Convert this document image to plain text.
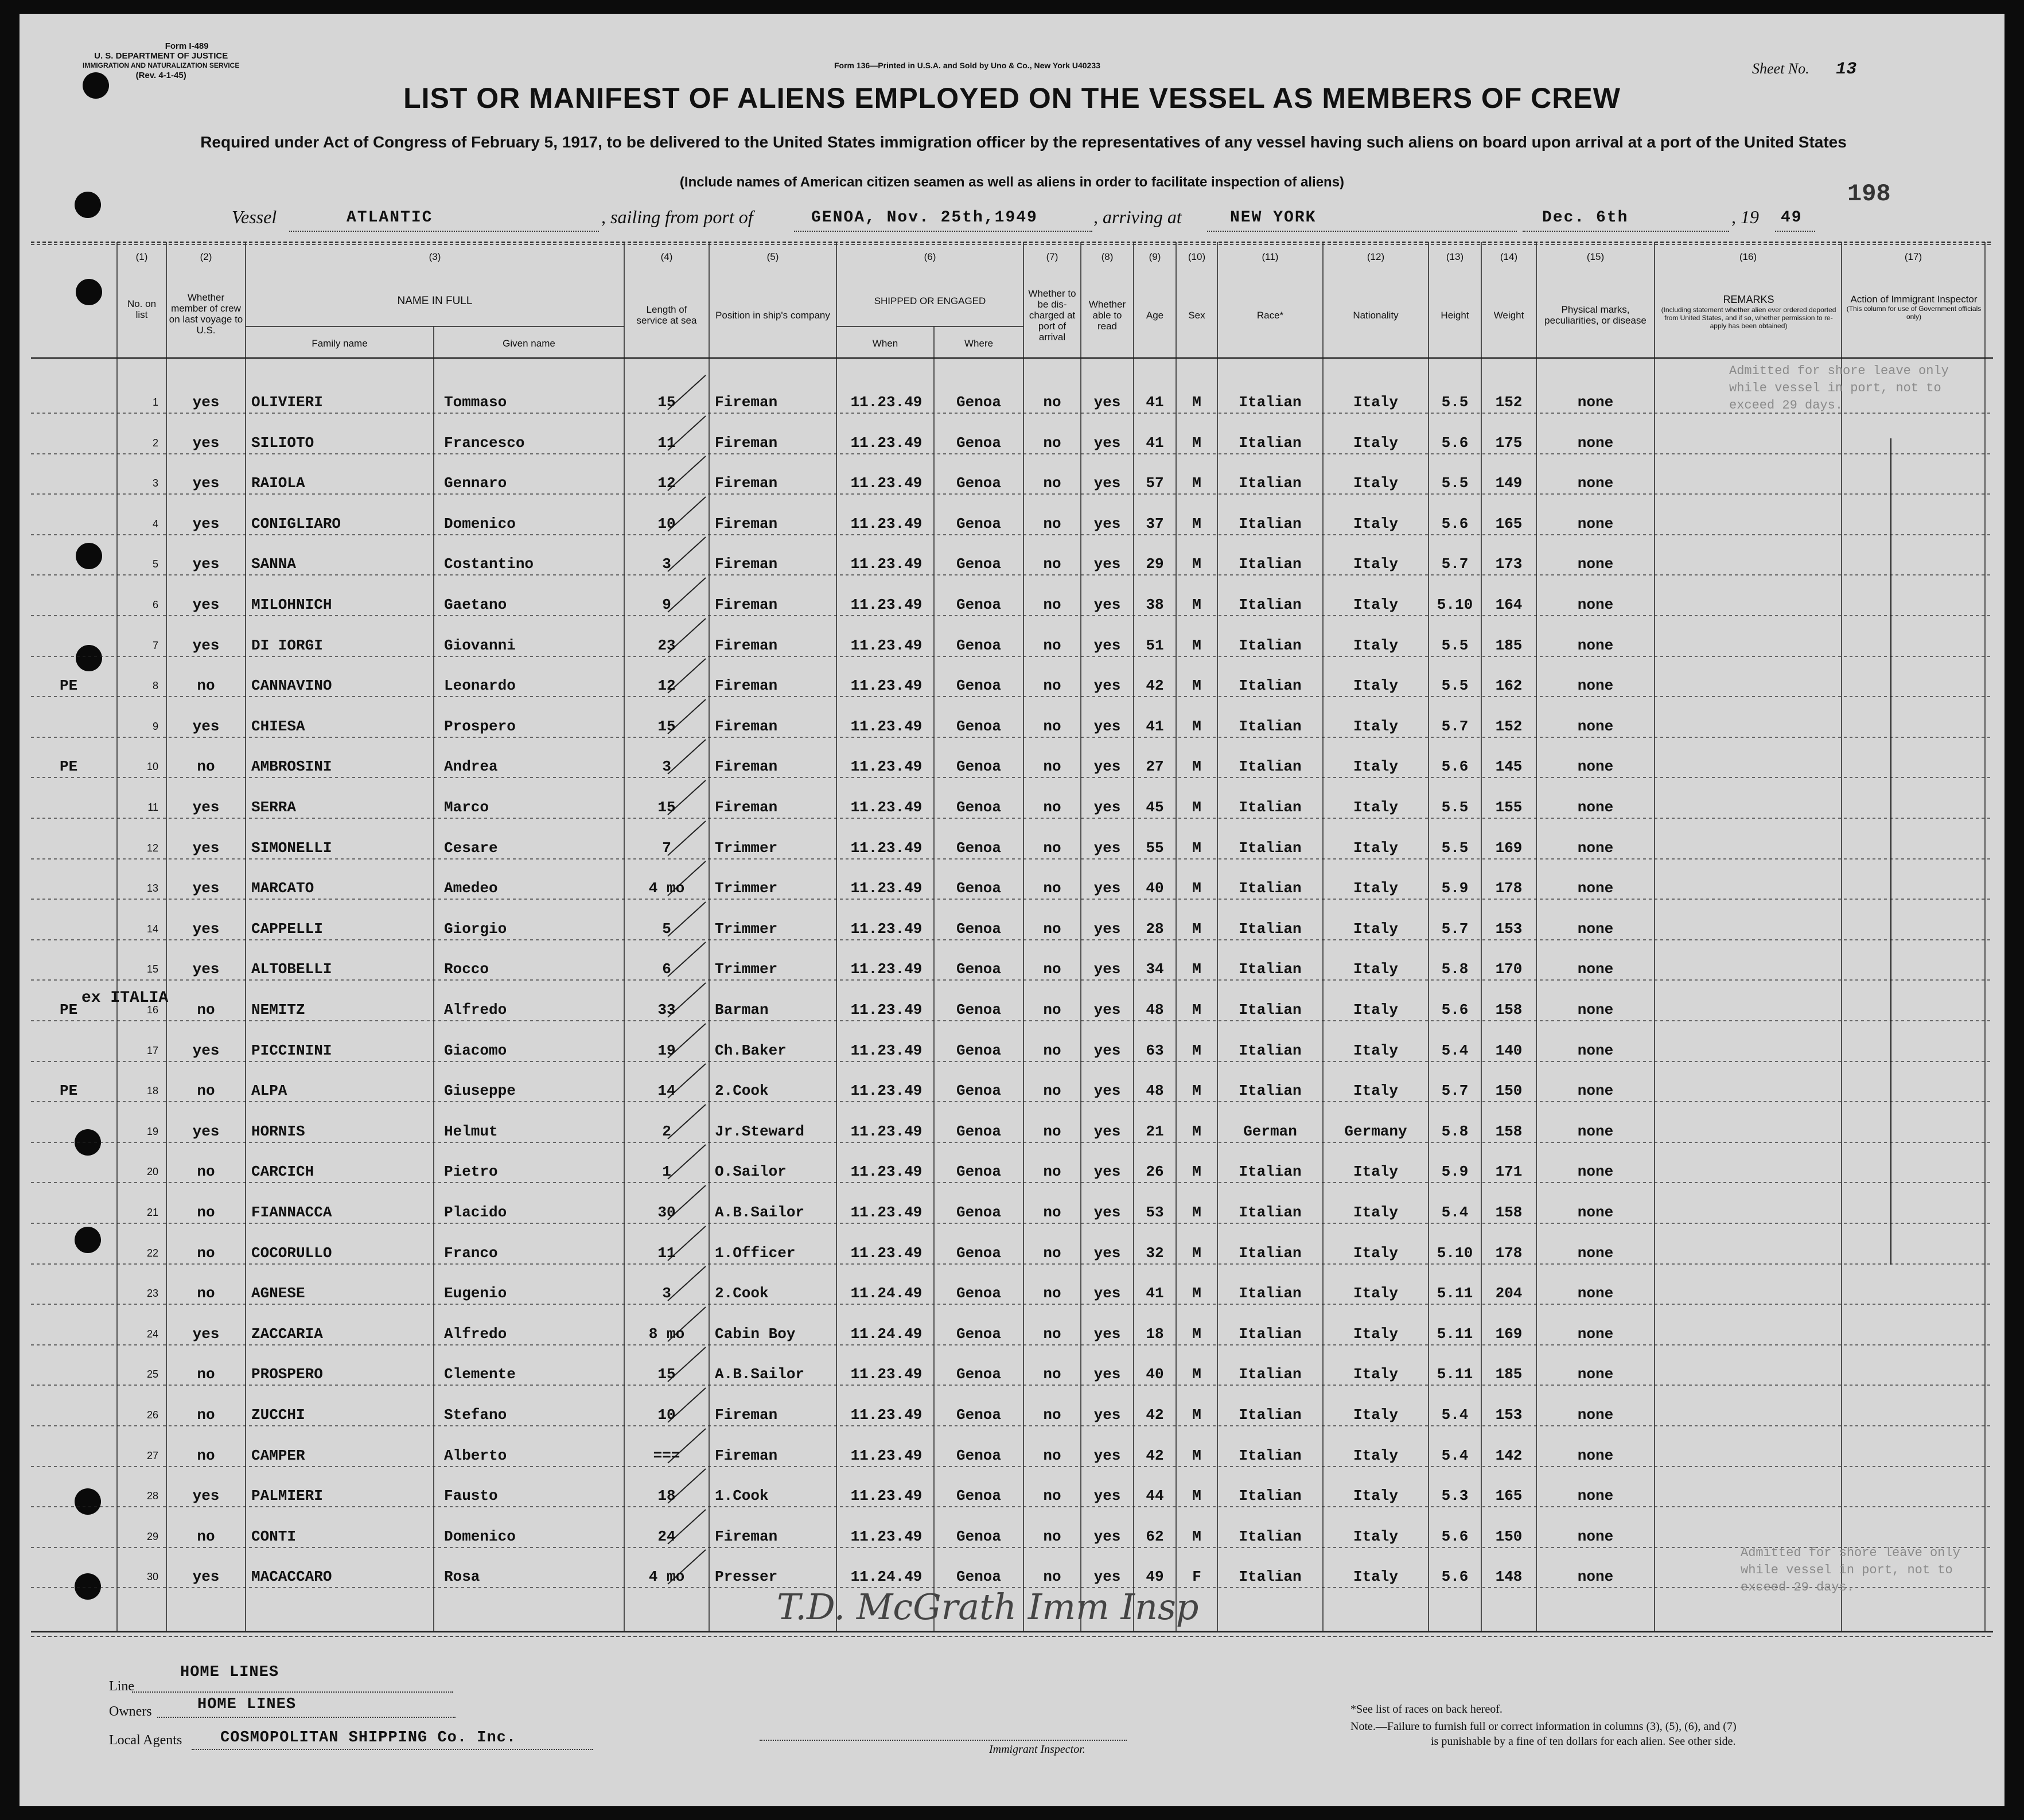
Form I-489
U. S. DEPARTMENT OF JUSTICE
IMMIGRATION AND NATURALIZATION SERVICE
(Rev. 4-1-45)
Form 136—Printed in U.S.A. and Sold by Uno & Co., New York U40233	Sheet No. 13
198
LIST OR MANIFEST OF ALIENS EMPLOYED ON THE VESSEL AS MEMBERS OF CREW
Required under Act of Congress of February 5, 1917, to be delivered to the United States immigration officer by the representatives of any vessel having such aliens on board upon arrival at a port of the United States
(Include names of American citizen seamen as well as aliens in order to facilitate inspection of aliens)
Vessel	ATLANTIC	, sailing from port of	GENOA, Nov. 25th,1949	, arriving at	NEW YORK	Dec. 6th	, 19 49
(1)	(2)	(3)	(4)	(5)	(6)	(7)	(8)	(9)	(10)	(11)	(12)	(13)	(14)	(15)	(16)	(17)
No. on list
Whether member of crew on last voyage to U.S.
NAME IN FULL
Family name	Given name
Length of service at sea	Position in ship's company
SHIPPED OR ENGAGED
When	Where
Whether to be dis-charged at port of arrival
Whether able to read
Age	Sex	Race*	Nationality	Height	Weight	Physical marks, peculiarities, or disease
REMARKS
(Including statement whether alien ever ordered deported from United States, and if so, whether permission to re-apply has been obtained)
Action of Immigrant Inspector
(This column for use of Government officials only)
1	yes	OLIVIERI	Tommaso	15	Fireman	11.23.49	Genoa	no	yes	41	M	Italian	Italy	5.5	152	none
2	yes	SILIOTO	Francesco	11	Fireman	11.23.49	Genoa	no	yes	41	M	Italian	Italy	5.6	175	none
3	yes	RAIOLA	Gennaro	12	Fireman	11.23.49	Genoa	no	yes	57	M	Italian	Italy	5.5	149	none
4	yes	CONIGLIARO	Domenico	10	Fireman	11.23.49	Genoa	no	yes	37	M	Italian	Italy	5.6	165	none
5	yes	SANNA	Costantino	3	Fireman	11.23.49	Genoa	no	yes	29	M	Italian	Italy	5.7	173	none
6	yes	MILOHNICH	Gaetano	9	Fireman	11.23.49	Genoa	no	yes	38	M	Italian	Italy	5.10	164	none
7	yes	DI IORGI	Giovanni	23	Fireman	11.23.49	Genoa	no	yes	51	M	Italian	Italy	5.5	185	none
PE	8	no	CANNAVINO	Leonardo	12	Fireman	11.23.49	Genoa	no	yes	42	M	Italian	Italy	5.5	162	none
9	yes	CHIESA	Prospero	15	Fireman	11.23.49	Genoa	no	yes	41	M	Italian	Italy	5.7	152	none
PE	10	no	AMBROSINI	Andrea	3	Fireman	11.23.49	Genoa	no	yes	27	M	Italian	Italy	5.6	145	none
11	yes	SERRA	Marco	15	Fireman	11.23.49	Genoa	no	yes	45	M	Italian	Italy	5.5	155	none
12	yes	SIMONELLI	Cesare	7	Trimmer	11.23.49	Genoa	no	yes	55	M	Italian	Italy	5.5	169	none
13	yes	MARCATO	Amedeo	4 mo	Trimmer	11.23.49	Genoa	no	yes	40	M	Italian	Italy	5.9	178	none
14	yes	CAPPELLI	Giorgio	5	Trimmer	11.23.49	Genoa	no	yes	28	M	Italian	Italy	5.7	153	none
15	yes	ALTOBELLI	Rocco	6	Trimmer	11.23.49	Genoa	no	yes	34	M	Italian	Italy	5.8	170	none
PE	16	no	NEMITZ	Alfredo	33	Barman	11.23.49	Genoa	no	yes	48	M	Italian	Italy	5.6	158	none
17	yes	PICCININI	Giacomo	19	Ch.Baker	11.23.49	Genoa	no	yes	63	M	Italian	Italy	5.4	140	none
PE	18	no	ALPA	Giuseppe	14	2.Cook	11.23.49	Genoa	no	yes	48	M	Italian	Italy	5.7	150	none
19	yes	HORNIS	Helmut	2	Jr.Steward	11.23.49	Genoa	no	yes	21	M	German	Germany	5.8	158	none
20	no	CARCICH	Pietro	1	O.Sailor	11.23.49	Genoa	no	yes	26	M	Italian	Italy	5.9	171	none
21	no	FIANNACCA	Placido	30	A.B.Sailor	11.23.49	Genoa	no	yes	53	M	Italian	Italy	5.4	158	none
22	no	COCORULLO	Franco	11	1.Officer	11.23.49	Genoa	no	yes	32	M	Italian	Italy	5.10	178	none
23	no	AGNESE	Eugenio	3	2.Cook	11.24.49	Genoa	no	yes	41	M	Italian	Italy	5.11	204	none
24	yes	ZACCARIA	Alfredo	8 mo	Cabin Boy	11.24.49	Genoa	no	yes	18	M	Italian	Italy	5.11	169	none
25	no	PROSPERO	Clemente	15	A.B.Sailor	11.23.49	Genoa	no	yes	40	M	Italian	Italy	5.11	185	none
26	no	ZUCCHI	Stefano	10	Fireman	11.23.49	Genoa	no	yes	42	M	Italian	Italy	5.4	153	none
27	no	CAMPER	Alberto	===	Fireman	11.23.49	Genoa	no	yes	42	M	Italian	Italy	5.4	142	none
28	yes	PALMIERI	Fausto	18	1.Cook	11.23.49	Genoa	no	yes	44	M	Italian	Italy	5.3	165	none
29	no	CONTI	Domenico	24	Fireman	11.23.49	Genoa	no	yes	62	M	Italian	Italy	5.6	150	none
30	yes	MACACCARO	Rosa	4 mo	Presser	11.24.49	Genoa	no	yes	49	F	Italian	Italy	5.6	148	none
ex ITALIA
Admitted for shore leave only
while vessel in port, not to
exceed 29 days.
Admitted for shore leave only
while vessel in port, not to
exceed 29 days.
T.D. McGrath Imm Insp
Line
HOME LINES
Owners	HOME LINES
Local Agents COSMOPOLITAN SHIPPING Co. Inc.
Immigrant Inspector.
*See list of races on back hereof.
Note.—Failure to furnish full or correct information in columns (3), (5), (6), and (7)
is punishable by a fine of ten dollars for each alien. See other side.
